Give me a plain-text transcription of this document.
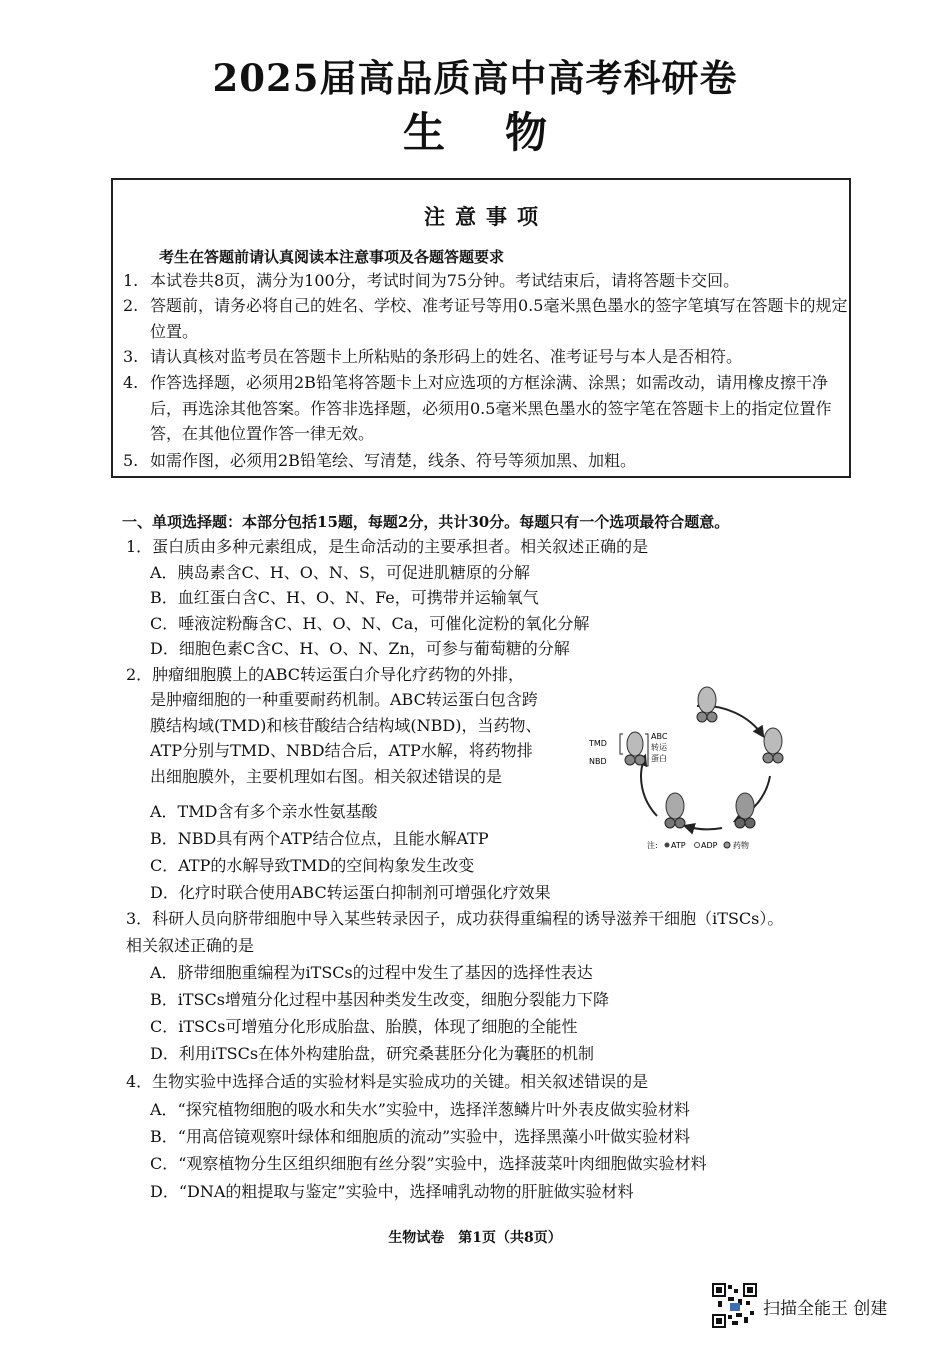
2025届高品质高中高考科研卷
生物
注意事项
考生在答题前请认真阅读本注意事项及各题答题要求
1. 本试卷共8页，满分为100分，考试时间为75分钟。考试结束后，请将答题卡交回。
2. 答题前，请务必将自己的姓名、学校、准考证号等用0.5毫米黑色墨水的签字笔填写在答题卡的规定位置。
3. 请认真核对监考员在答题卡上所粘贴的条形码上的姓名、准考证号与本人是否相符。
4. 作答选择题，必须用2B铅笔将答题卡上对应选项的方框涂满、涂黑；如需改动，请用橡皮擦干净后，再选涂其他答案。作答非选择题，必须用0.5毫米黑色墨水的签字笔在答题卡上的指定位置作答，在其他位置作答一律无效。
5. 如需作图，必须用2B铅笔绘、写清楚，线条、符号等须加黑、加粗。
一、单项选择题：本部分包括15题，每题2分，共计30分。每题只有一个选项最符合题意。
1．蛋白质由多种元素组成，是生命活动的主要承担者。相关叙述正确的是
A．胰岛素含C、H、O、N、S，可促进肌糖原的分解
B．血红蛋白含C、H、O、N、Fe，可携带并运输氧气
C．唾液淀粉酶含C、H、O、N、Ca，可催化淀粉的氧化分解
D．细胞色素C含C、H、O、N、Zn，可参与葡萄糖的分解
2．肿瘤细胞膜上的ABC转运蛋白介导化疗药物的外排，
是肿瘤细胞的一种重要耐药机制。ABC转运蛋白包含跨
膜结构域(TMD)和核苷酸结合结构域(NBD)，当药物、
ATP分别与TMD、NBD结合后，ATP水解，将药物排
出细胞膜外，主要机理如右图。相关叙述错误的是
A．TMD含有多个亲水性氨基酸
B．NBD具有两个ATP结合位点，且能水解ATP
C．ATP的水解导致TMD的空间构象发生改变
D．化疗时联合使用ABC转运蛋白抑制剂可增强化疗效果
TMD
NBD
ABC
转运
蛋白
注: ATP ADP 药物
3．科研人员向脐带细胞中导入某些转录因子，成功获得重编程的诱导滋养干细胞（iTSCs）。
相关叙述正确的是
A．脐带细胞重编程为iTSCs的过程中发生了基因的选择性表达
B．iTSCs增殖分化过程中基因种类发生改变，细胞分裂能力下降
C．iTSCs可增殖分化形成胎盘、胎膜，体现了细胞的全能性
D．利用iTSCs在体外构建胎盘，研究桑葚胚分化为囊胚的机制
4．生物实验中选择合适的实验材料是实验成功的关键。相关叙述错误的是
A．“探究植物细胞的吸水和失水”实验中，选择洋葱鳞片叶外表皮做实验材料
B．“用高倍镜观察叶绿体和细胞质的流动”实验中，选择黑藻小叶做实验材料
C．“观察植物分生区组织细胞有丝分裂”实验中，选择菠菜叶肉细胞做实验材料
D．“DNA的粗提取与鉴定”实验中，选择哺乳动物的肝脏做实验材料
生物试卷　第1页（共8页）
扫描全能王 创建
